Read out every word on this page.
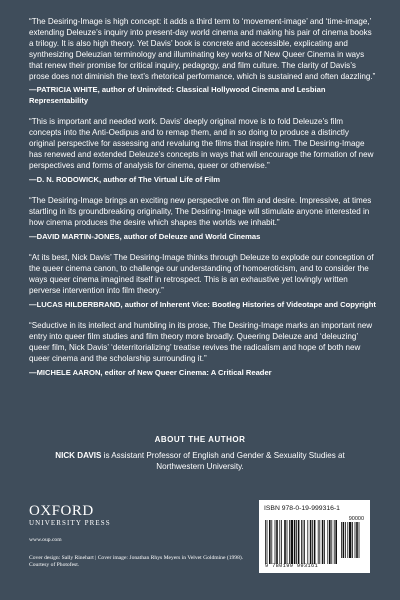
“The Desiring-Image is high concept: it adds a third term to ‘movement-image’ and ‘time-image,’ extending Deleuze’s inquiry into present-day world cinema and making his pair of cinema books a trilogy. It is also high theory. Yet Davis’ book is concrete and accessible, explicating and synthesizing Deleuzian terminology and illuminating key works of New Queer Cinema in ways that renew their promise for critical inquiry, pedagogy, and film culture. The clarity of Davis’s prose does not diminish the text’s rhetorical performance, which is sustained and often dazzling.”

—PATRICIA WHITE, author of Uninvited: Classical Hollywood Cinema and Lesbian Representability

“This is important and needed work. Davis’ deeply original move is to fold Deleuze’s film concepts into the Anti-Oedipus and to remap them, and in so doing to produce a distinctly original perspective for assessing and revaluing the films that inspire him. The Desiring-Image has renewed and extended Deleuze’s concepts in ways that will encourage the formation of new perspectives and forms of analysis for cinema, queer or otherwise.”

—D. N. RODOWICK, author of The Virtual Life of Film

“The Desiring-Image brings an exciting new perspective on film and desire. Impressive, at times startling in its groundbreaking originality, The Desiring-Image will stimulate anyone interested in how cinema produces the desire which shapes the worlds we inhabit.”

—DAVID MARTIN-JONES, author of Deleuze and World Cinemas

“At its best, Nick Davis’ The Desiring-Image thinks through Deleuze to explode our conception of the queer cinema canon, to challenge our understanding of homoeroticism, and to consider the ways queer cinema imagined itself in retrospect. This is an exhaustive yet lovingly written perverse intervention into film theory.”

—LUCAS HILDERBRAND, author of Inherent Vice: Bootleg Histories of Videotape and Copyright

“Seductive in its intellect and humbling in its prose, The Desiring-Image marks an important new entry into queer film studies and film theory more broadly. Queering Deleuze and ‘deleuzing’ queer film, Nick Davis’ ‘deterritorializing’ treatise revives the radicalism and hope of both new queer cinema and the scholarship surrounding it.”

—MICHELE AARON, editor of New Queer Cinema: A Critical Reader

ABOUT THE AUTHOR
NICK DAVIS is Assistant Professor of English and Gender & Sexuality Studies at Northwestern University.
OXFORD
UNIVERSITY PRESS
www.oup.com
Cover design: Sally Rinehart | Cover image: Jonathan Rhys Meyers in Velvet Goldmine (1998). Courtesy of Photofest.
ISBN 978-0-19-999316-1
90000
9 780199 993161
